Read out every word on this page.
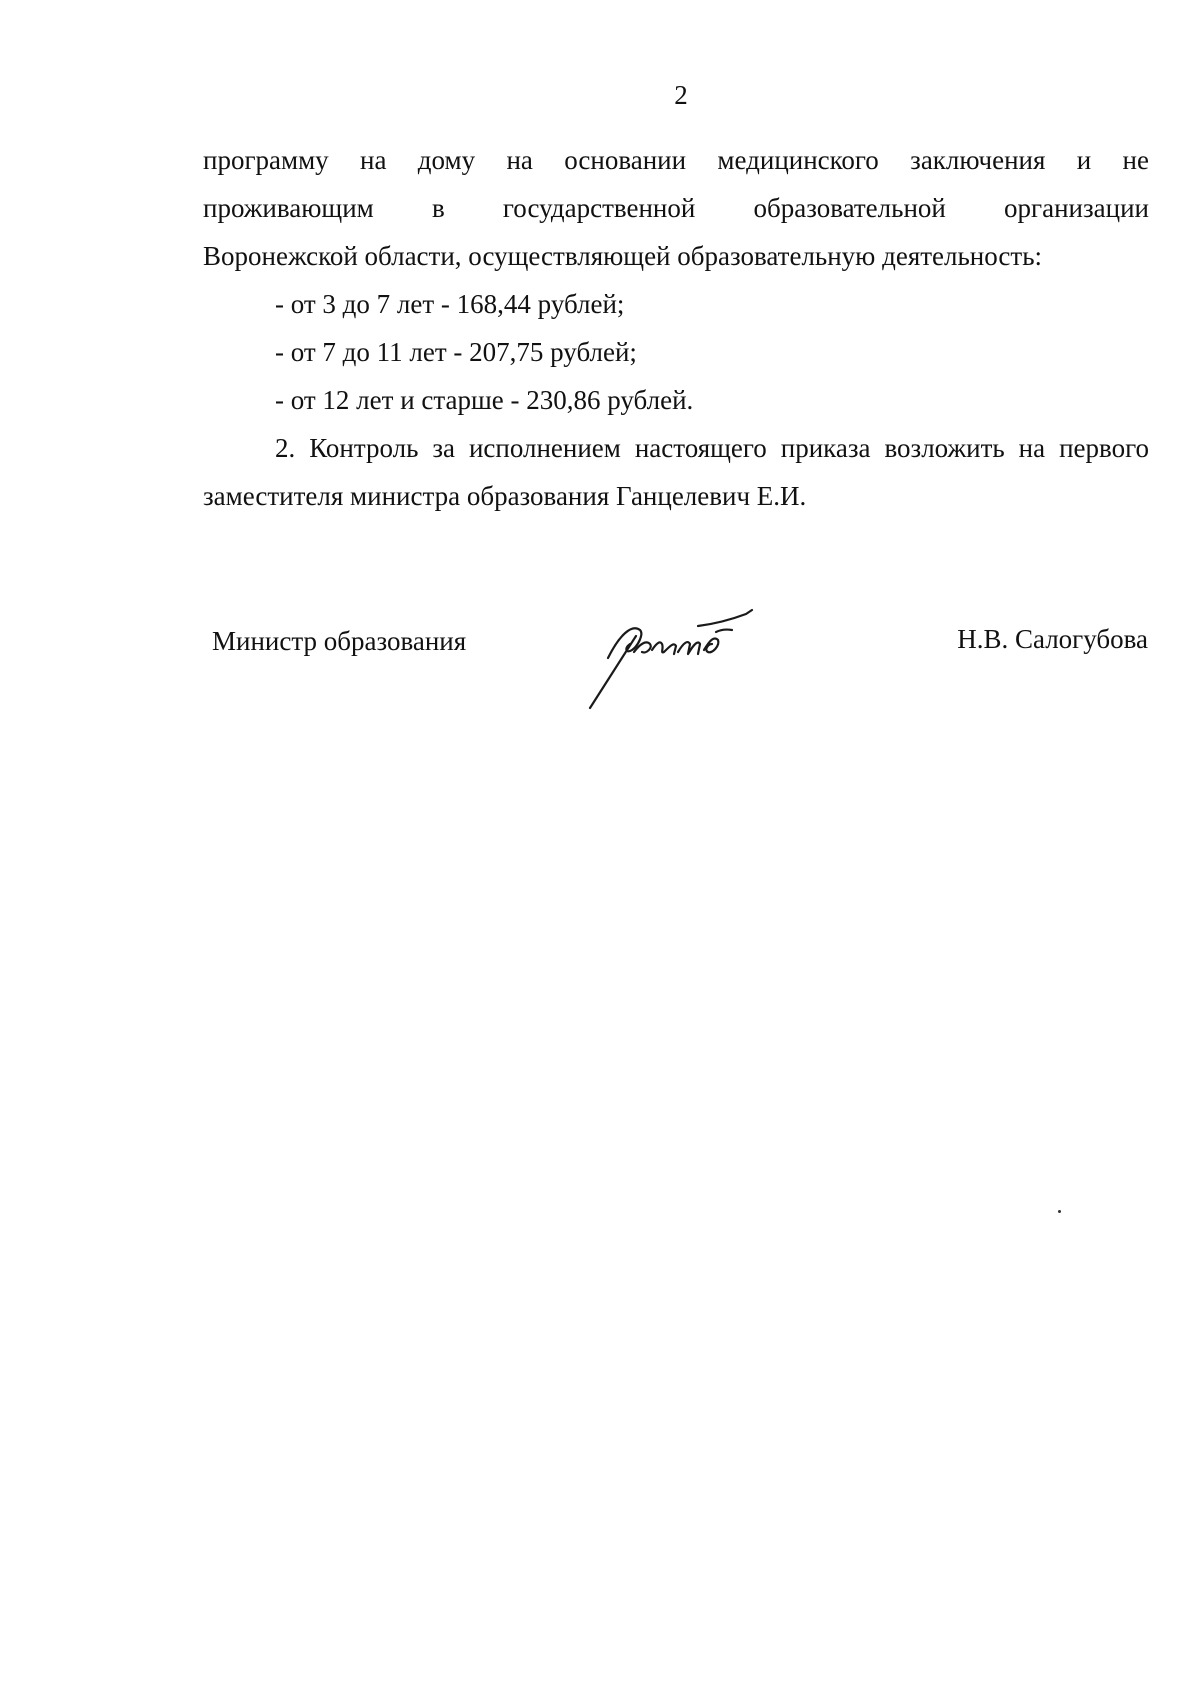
2
программу на дому на основании медицинского заключения и не
проживающим в государственной образовательной организации
Воронежской области, осуществляющей образовательную деятельность:
- от 3 до 7 лет - 168,44 рублей;
- от 7 до 11 лет - 207,75 рублей;
- от 12 лет и старше - 230,86 рублей.
2. Контроль за исполнением настоящего приказа возложить на первого
заместителя министра образования Ганцелевич Е.И.
Министр образования	Н.В. Салогубова
